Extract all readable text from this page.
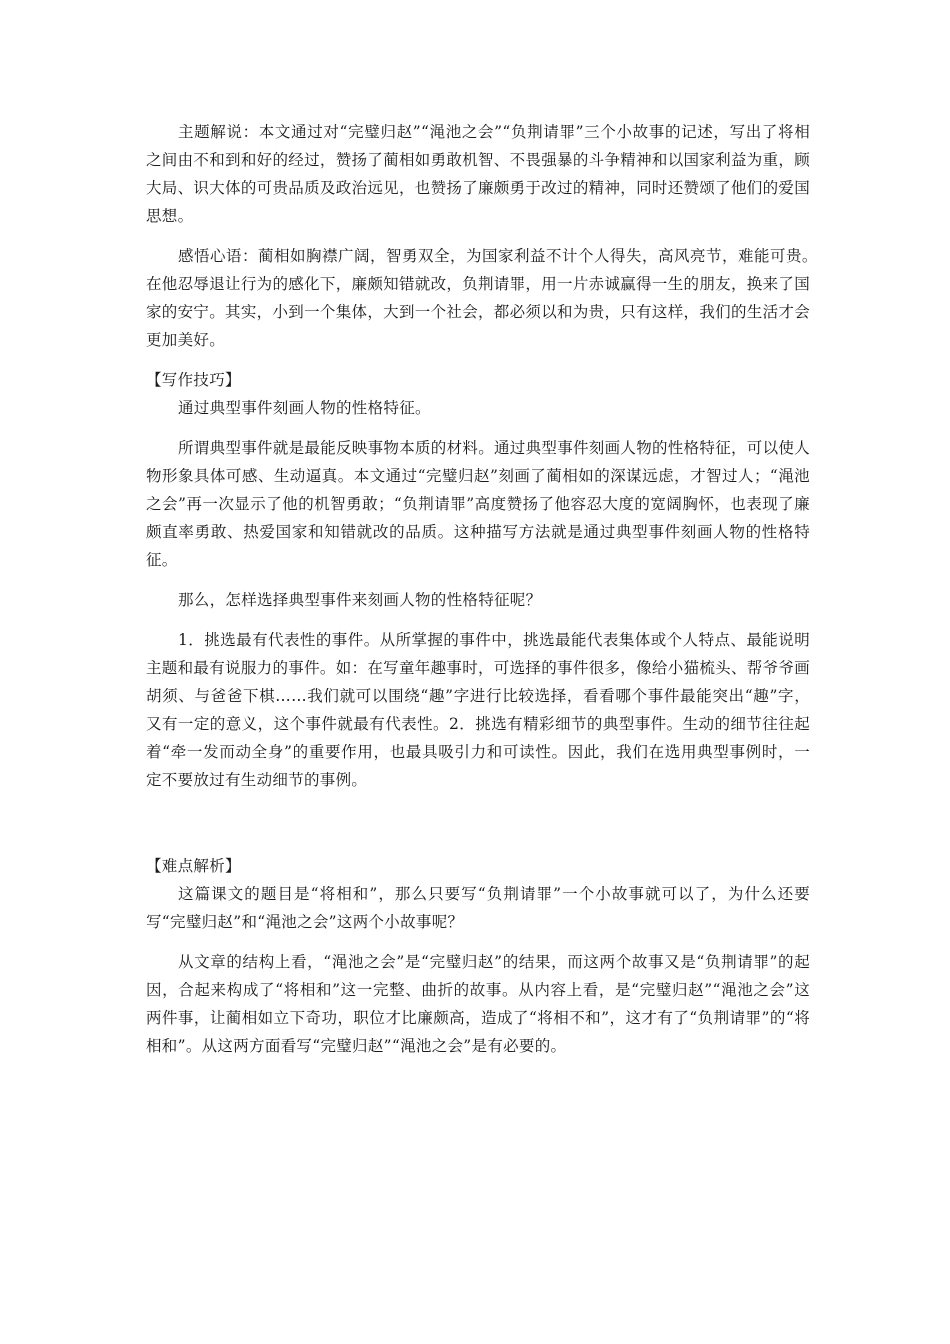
主题解说：本文通过对“完璧归赵”“渑池之会”“负荆请罪”三个小故事的记述，写出了将相之间由不和到和好的经过，赞扬了蔺相如勇敢机智、不畏强暴的斗争精神和以国家利益为重，顾大局、识大体的可贵品质及政治远见，也赞扬了廉颇勇于改过的精神，同时还赞颂了他们的爱国思想。

感悟心语：蔺相如胸襟广阔，智勇双全，为国家利益不计个人得失，高风亮节，难能可贵。　在他忍辱退让行为的感化下，廉颇知错就改，负荆请罪，用一片赤诚赢得一生的朋友，换来了国家的安宁。其实，小到一个集体，大到一个社会，都必须以和为贵，只有这样，我们的生活才会更加美好。

【写作技巧】

通过典型事件刻画人物的性格特征。

所谓典型事件就是最能反映事物本质的材料。通过典型事件刻画人物的性格特征，可以使人物形象具体可感、生动逼真。本文通过“完璧归赵”刻画了蔺相如的深谋远虑，才智过人；“渑池之会”再一次显示了他的机智勇敢；“负荆请罪”高度赞扬了他容忍大度的宽阔胸怀，也表现了廉颇直率勇敢、热爱国家和知错就改的品质。这种描写方法就是通过典型事件刻画人物的性格特征。

那么，怎样选择典型事件来刻画人物的性格特征呢？

1．挑选最有代表性的事件。从所掌握的事件中，挑选最能代表集体或个人特点、最能说明主题和最有说服力的事件。如：在写童年趣事时，可选择的事件很多，像给小猫梳头、帮爷爷画胡须、与爸爸下棋……我们就可以围绕“趣”字进行比较选择，看看哪个事件最能突出“趣”字，又有一定的意义，这个事件就最有代表性。2．挑选有精彩细节的典型事件。生动的细节往往起着“牵一发而动全身”的重要作用，也最具吸引力和可读性。因此，我们在选用典型事例时，一定不要放过有生动细节的事例。

【难点解析】

这篇课文的题目是“将相和”，那么只要写“负荆请罪”一个小故事就可以了，为什么还要写“完璧归赵”和“渑池之会”这两个小故事呢？

从文章的结构上看，“渑池之会”是“完璧归赵”的结果，而这两个故事又是“负荆请罪”的起因，合起来构成了“将相和”这一完整、曲折的故事。从内容上看，是“完璧归赵”“渑池之会”这两件事，让蔺相如立下奇功，职位才比廉颇高，造成了“将相不和”，这才有了“负荆请罪”的“将相和”。从这两方面看写“完璧归赵”“渑池之会”是有必要的。
